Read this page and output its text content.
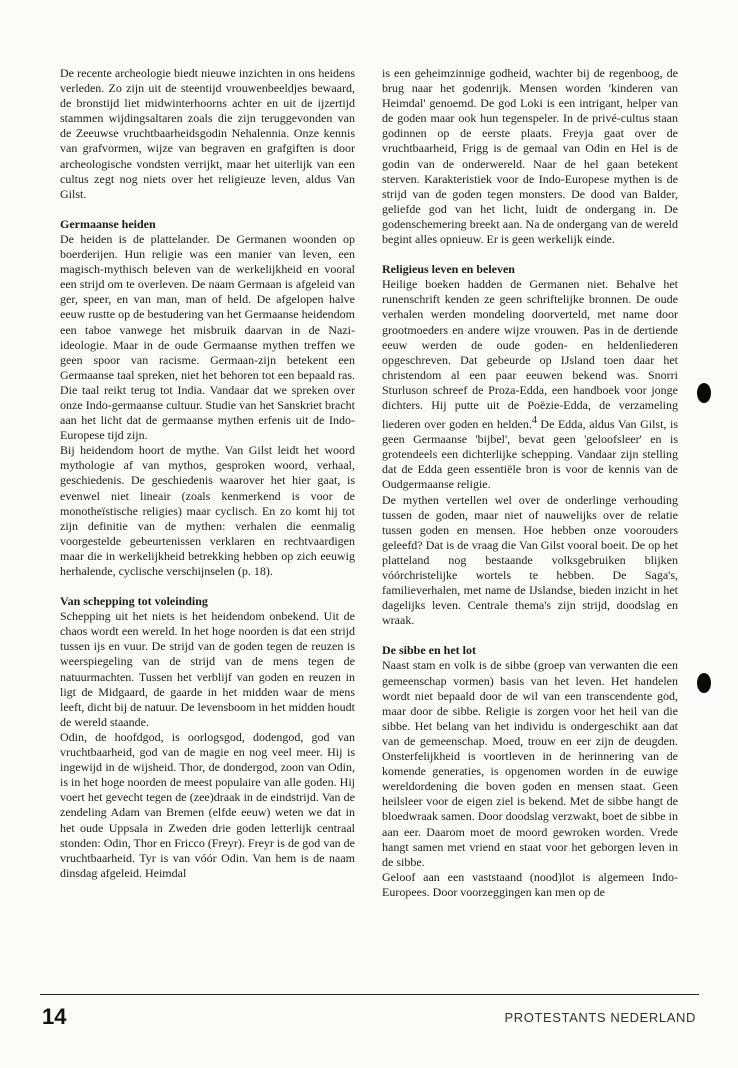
De recente archeologie biedt nieuwe inzichten in ons heidens verleden. Zo zijn uit de steentijd vrouwenbeeldjes bewaard, de bronstijd liet midwinterhoorns achter en uit de ijzertijd stammen wijdingsaltaren zoals die zijn teruggevonden van de Zeeuwse vruchtbaarheidsgodin Nehalennia. Onze kennis van grafvormen, wijze van begraven en grafgiften is door archeologische vondsten verrijkt, maar het uiterlijk van een cultus zegt nog niets over het religieuze leven, aldus Van Gilst.

Germaanse heiden

De heiden is de plattelander. De Germanen woonden op boerderijen. Hun religie was een manier van leven, een magisch-mythisch beleven van de werkelijkheid en vooral een strijd om te overleven. De naam Germaan is afgeleid van ger, speer, en van man, man of held. De afgelopen halve eeuw rustte op de bestudering van het Germaanse heidendom een taboe vanwege het misbruik daarvan in de Nazi-ideologie. Maar in de oude Germaanse mythen treffen we geen spoor van racisme. Germaan-zijn betekent een Germaanse taal spreken, niet het behoren tot een bepaald ras. Die taal reikt terug tot India. Vandaar dat we spreken over onze Indo-germaanse cultuur. Studie van het Sanskriet bracht aan het licht dat de germaanse mythen erfenis uit de Indo-Europese tijd zijn.

Bij heidendom hoort de mythe. Van Gilst leidt het woord mythologie af van mythos, gesproken woord, verhaal, geschiedenis. De geschiedenis waarover het hier gaat, is evenwel niet lineair (zoals kenmerkend is voor de monotheïstische religies) maar cyclisch. En zo komt hij tot zijn definitie van de mythen: verhalen die eenmalig voorgestelde gebeurtenissen verklaren en rechtvaardigen maar die in werkelijkheid betrekking hebben op zich eeuwig herhalende, cyclische verschijnselen (p. 18).

Van schepping tot voleinding

Schepping uit het niets is het heidendom onbekend. Uit de chaos wordt een wereld. In het hoge noorden is dat een strijd tussen ijs en vuur. De strijd van de goden tegen de reuzen is weerspiegeling van de strijd van de mens tegen de natuurmachten. Tussen het verblijf van goden en reuzen in ligt de Midgaard, de gaarde in het midden waar de mens leeft, dicht bij de natuur. De levensboom in het midden houdt de wereld staande.

Odin, de hoofdgod, is oorlogsgod, dodengod, god van vruchtbaarheid, god van de magie en nog veel meer. Hij is ingewijd in de wijsheid. Thor, de dondergod, zoon van Odin, is in het hoge noorden de meest populaire van alle goden. Hij voert het gevecht tegen de (zee)draak in de eindstrijd. Van de zendeling Adam van Bremen (elfde eeuw) weten we dat in het oude Uppsala in Zweden drie goden letterlijk centraal stonden: Odin, Thor en Fricco (Freyr). Freyr is de god van de vruchtbaarheid. Tyr is van vóór Odin. Van hem is de naam dinsdag afgeleid. Heimdal

is een geheimzinnige godheid, wachter bij de regenboog, de brug naar het godenrijk. Mensen worden 'kinderen van Heimdal' genoemd. De god Loki is een intrigant, helper van de goden maar ook hun tegenspeler. In de privé-cultus staan godinnen op de eerste plaats. Freyja gaat over de vruchtbaarheid, Frigg is de gemaal van Odin en Hel is de godin van de onderwereld. Naar de hel gaan betekent sterven. Karakteristiek voor de Indo-Europese mythen is de strijd van de goden tegen monsters. De dood van Balder, geliefde god van het licht, luidt de ondergang in. De godenschemering breekt aan. Na de ondergang van de wereld begint alles opnieuw. Er is geen werkelijk einde.

Religieus leven en beleven

Heilige boeken hadden de Germanen niet. Behalve het runenschrift kenden ze geen schriftelijke bronnen. De oude verhalen werden mondeling doorverteld, met name door grootmoeders en andere wijze vrouwen. Pas in de dertiende eeuw werden de oude goden- en heldenliederen opgeschreven. Dat gebeurde op IJsland toen daar het christendom al een paar eeuwen bekend was. Snorri Sturluson schreef de Proza-Edda, een handboek voor jonge dichters. Hij putte uit de Poëzie-Edda, de verzameling liederen over goden en helden.$^4$ De Edda, aldus Van Gilst, is geen Germaanse 'bijbel', bevat geen 'geloofsleer' en is grotendeels een dichterlijke schepping. Vandaar zijn stelling dat de Edda geen essentiële bron is voor de kennis van de Oudgermaanse religie.

De mythen vertellen wel over de onderlinge verhouding tussen de goden, maar niet of nauwelijks over de relatie tussen goden en mensen. Hoe hebben onze voorouders geleefd? Dat is de vraag die Van Gilst vooral boeit. De op het platteland nog bestaande volksgebruiken blijken vóórchristelijke wortels te hebben. De Saga's, familieverhalen, met name de IJslandse, bieden inzicht in het dagelijks leven. Centrale thema's zijn strijd, doodslag en wraak.

De sibbe en het lot

Naast stam en volk is de sibbe (groep van verwanten die een gemeenschap vormen) basis van het leven. Het handelen wordt niet bepaald door de wil van een transcendente god, maar door de sibbe. Religie is zorgen voor het heil van die sibbe. Het belang van het individu is ondergeschikt aan dat van de gemeenschap. Moed, trouw en eer zijn de deugden. Onsterfelijkheid is voortleven in de herinnering van de komende generaties, is opgenomen worden in de euwige wereldordening die boven goden en mensen staat. Geen heilsleer voor de eigen ziel is bekend. Met de sibbe hangt de bloedwraak samen. Door doodslag verzwakt, boet de sibbe in aan eer. Daarom moet de moord gewroken worden. Vrede hangt samen met vriend en staat voor het geborgen leven in de sibbe.

Geloof aan een vaststaand (nood)lot is algemeen Indo-Europees. Door voorzeggingen kan men op de

14	PROTESTANTS NEDERLAND
